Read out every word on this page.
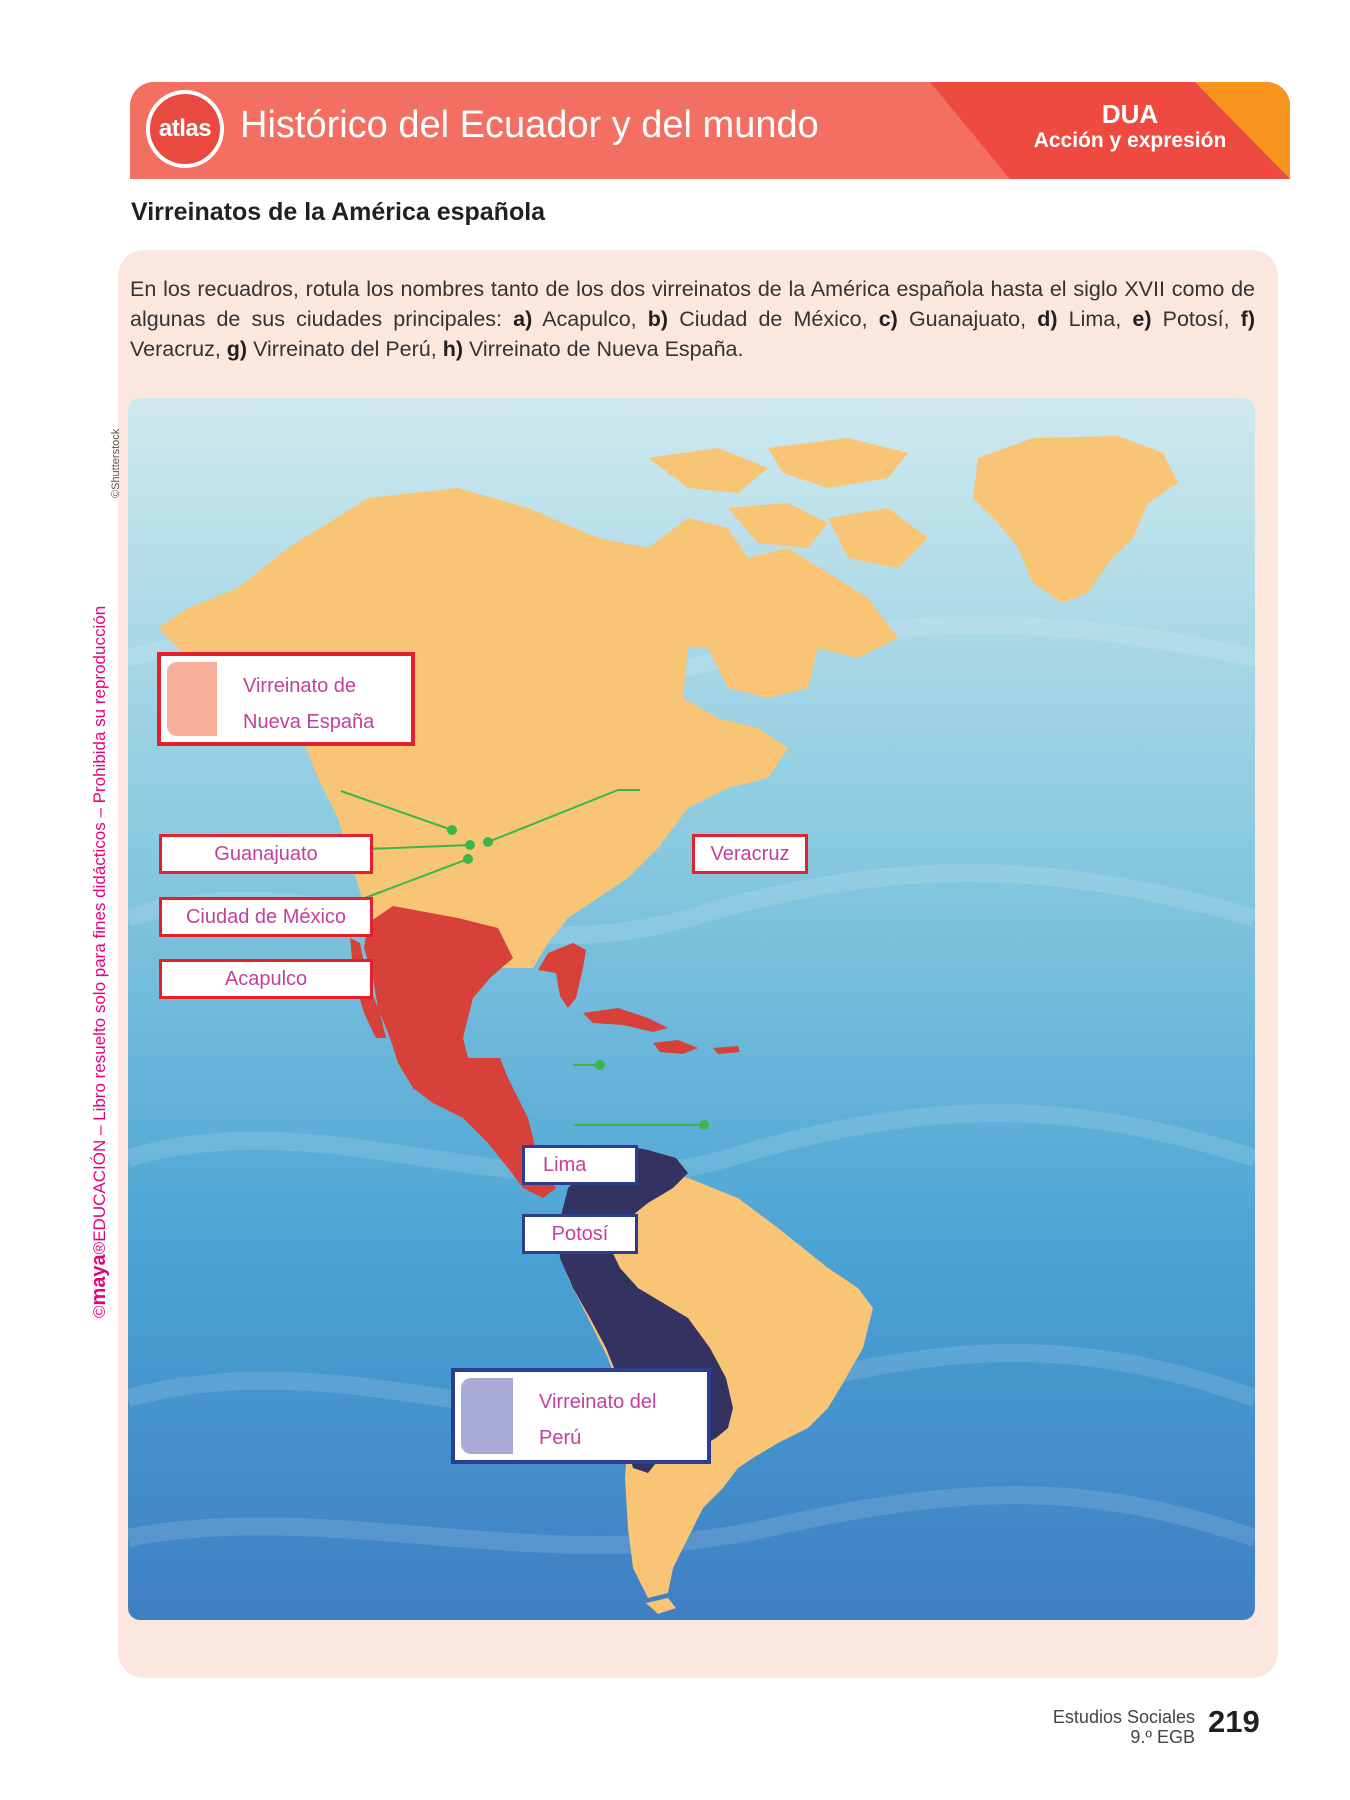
atlas Histórico del Ecuador y del mundo	DUA
Acción y expresión
Virreinatos de la América española
En los recuadros, rotula los nombres tanto de los dos virreinatos de la América española hasta el siglo XVII como de algunas de sus ciudades principales: a) Acapulco, b) Ciudad de México, c) Guanajuato, d) Lima, e) Potosí, f) Veracruz, g) Virreinato del Perú, h) Virreinato de Nueva España.
Virreinato de
Nueva España
Virreinato del
Perú
Guanajuato
Ciudad de México
Acapulco
Veracruz
Lima
Potosí
©Shutterstock
©maya®EDUCACIÓN – Libro resuelto solo para fines didácticos – Prohibida su reproducción
Estudios Sociales
9.º EGB 219
